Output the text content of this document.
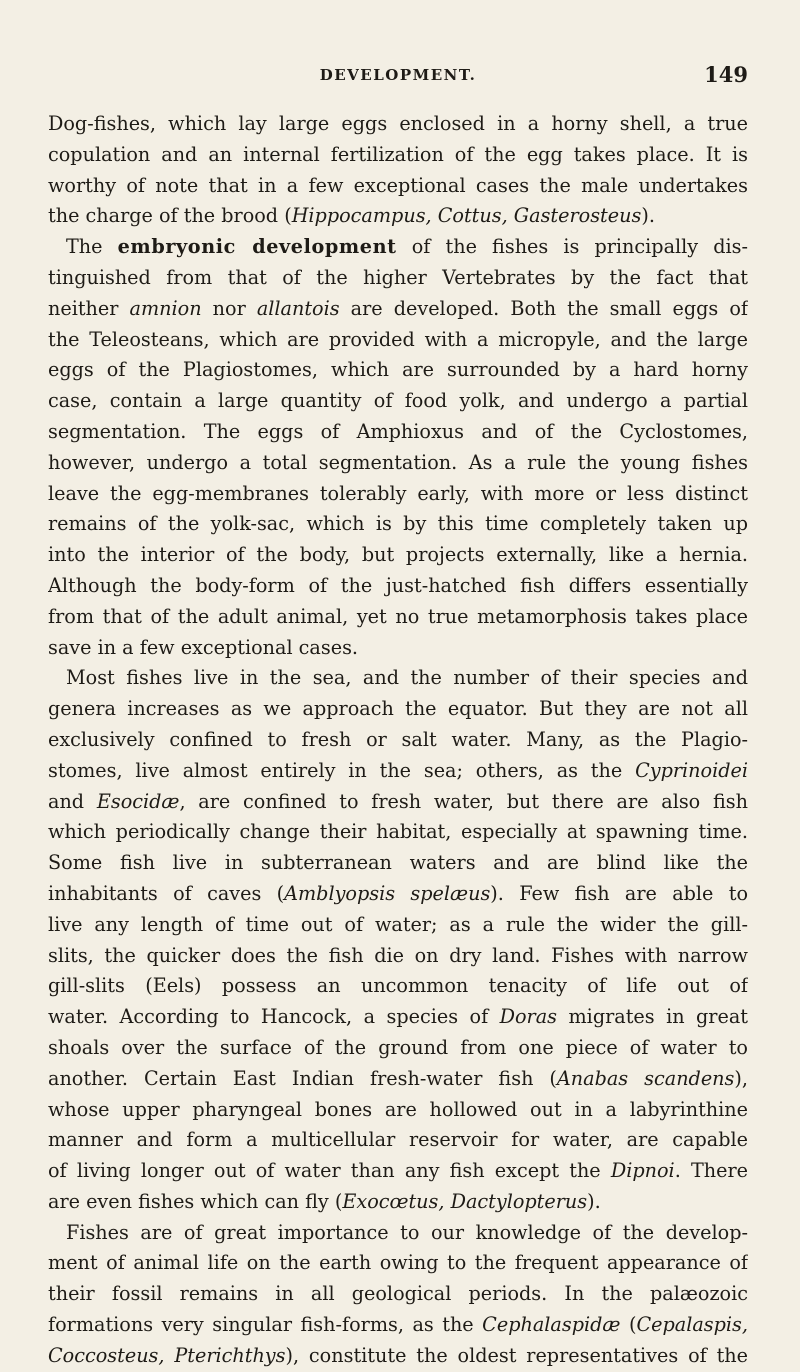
DEVELOPMENT.	149
Dog-fishes, which lay large eggs enclosed in a horny shell, a true
copulation and an internal fertilization of the egg takes place. It is
worthy of note that in a few exceptional cases the male undertakes
the charge of the brood (Hippocampus, Cottus, Gasterosteus).
The embryonic development of the fishes is principally dis-
tinguished from that of the higher Vertebrates by the fact that
neither amnion nor allantois are developed. Both the small eggs of
the Teleosteans, which are provided with a micropyle, and the large
eggs of the Plagiostomes, which are surrounded by a hard horny
case, contain a large quantity of food yolk, and undergo a partial
segmentation. The eggs of Amphioxus and of the Cyclostomes,
however, undergo a total segmentation. As a rule the young fishes
leave the egg-membranes tolerably early, with more or less distinct
remains of the yolk-sac, which is by this time completely taken up
into the interior of the body, but projects externally, like a hernia.
Although the body-form of the just-hatched fish differs essentially
from that of the adult animal, yet no true metamorphosis takes place
save in a few exceptional cases.
Most fishes live in the sea, and the number of their species and
genera increases as we approach the equator. But they are not all
exclusively confined to fresh or salt water. Many, as the Plagio-
stomes, live almost entirely in the sea; others, as the Cyprinoidei
and Esocidæ, are confined to fresh water, but there are also fish
which periodically change their habitat, especially at spawning time.
Some fish live in subterranean waters and are blind like the
inhabitants of caves (Amblyopsis spelæus). Few fish are able to
live any length of time out of water; as a rule the wider the gill-
slits, the quicker does the fish die on dry land. Fishes with narrow
gill-slits (Eels) possess an uncommon tenacity of life out of
water. According to Hancock, a species of Doras migrates in great
shoals over the surface of the ground from one piece of water to
another. Certain East Indian fresh-water fish (Anabas scandens),
whose upper pharyngeal bones are hollowed out in a labyrinthine
manner and form a multicellular reservoir for water, are capable
of living longer out of water than any fish except the Dipnoi. There
are even fishes which can fly (Exocœtus, Dactylopterus).
Fishes are of great importance to our knowledge of the develop-
ment of animal life on the earth owing to the frequent appearance of
their fossil remains in all geological periods. In the palæozoic
formations very singular fish-forms, as the Cephalaspidæ (Cepalaspis,
Coccosteus, Pterichthys), constitute the oldest representatives of the
